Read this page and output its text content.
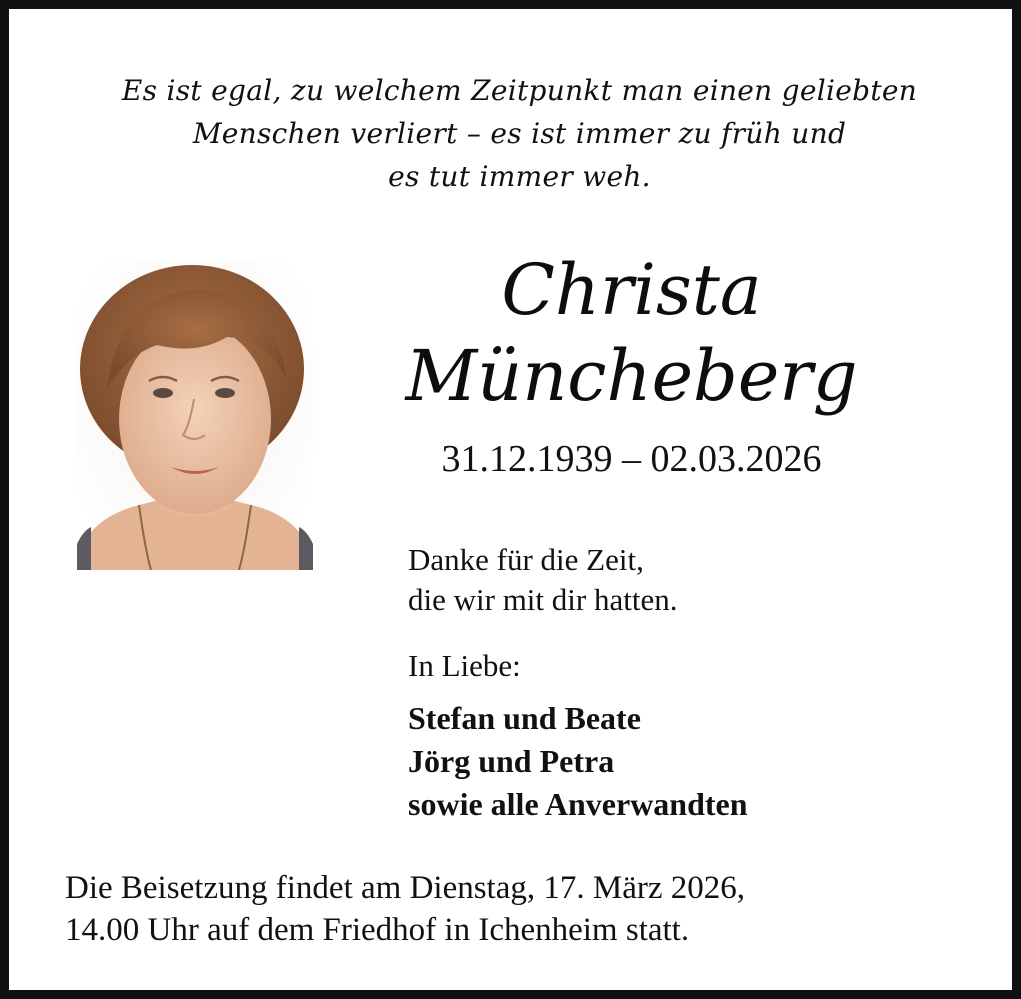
Es ist egal, zu welchem Zeitpunkt man einen geliebten
Menschen verliert – es ist immer zu früh und
es tut immer weh.
Christa
Müncheberg
31.12.1939 – 02.03.2026
Danke für die Zeit,
die wir mit dir hatten.
In Liebe:
Stefan und Beate
Jörg und Petra
sowie alle Anverwandten
Die Beisetzung findet am Dienstag, 17. März 2026,
14.00 Uhr auf dem Friedhof in Ichenheim statt.
